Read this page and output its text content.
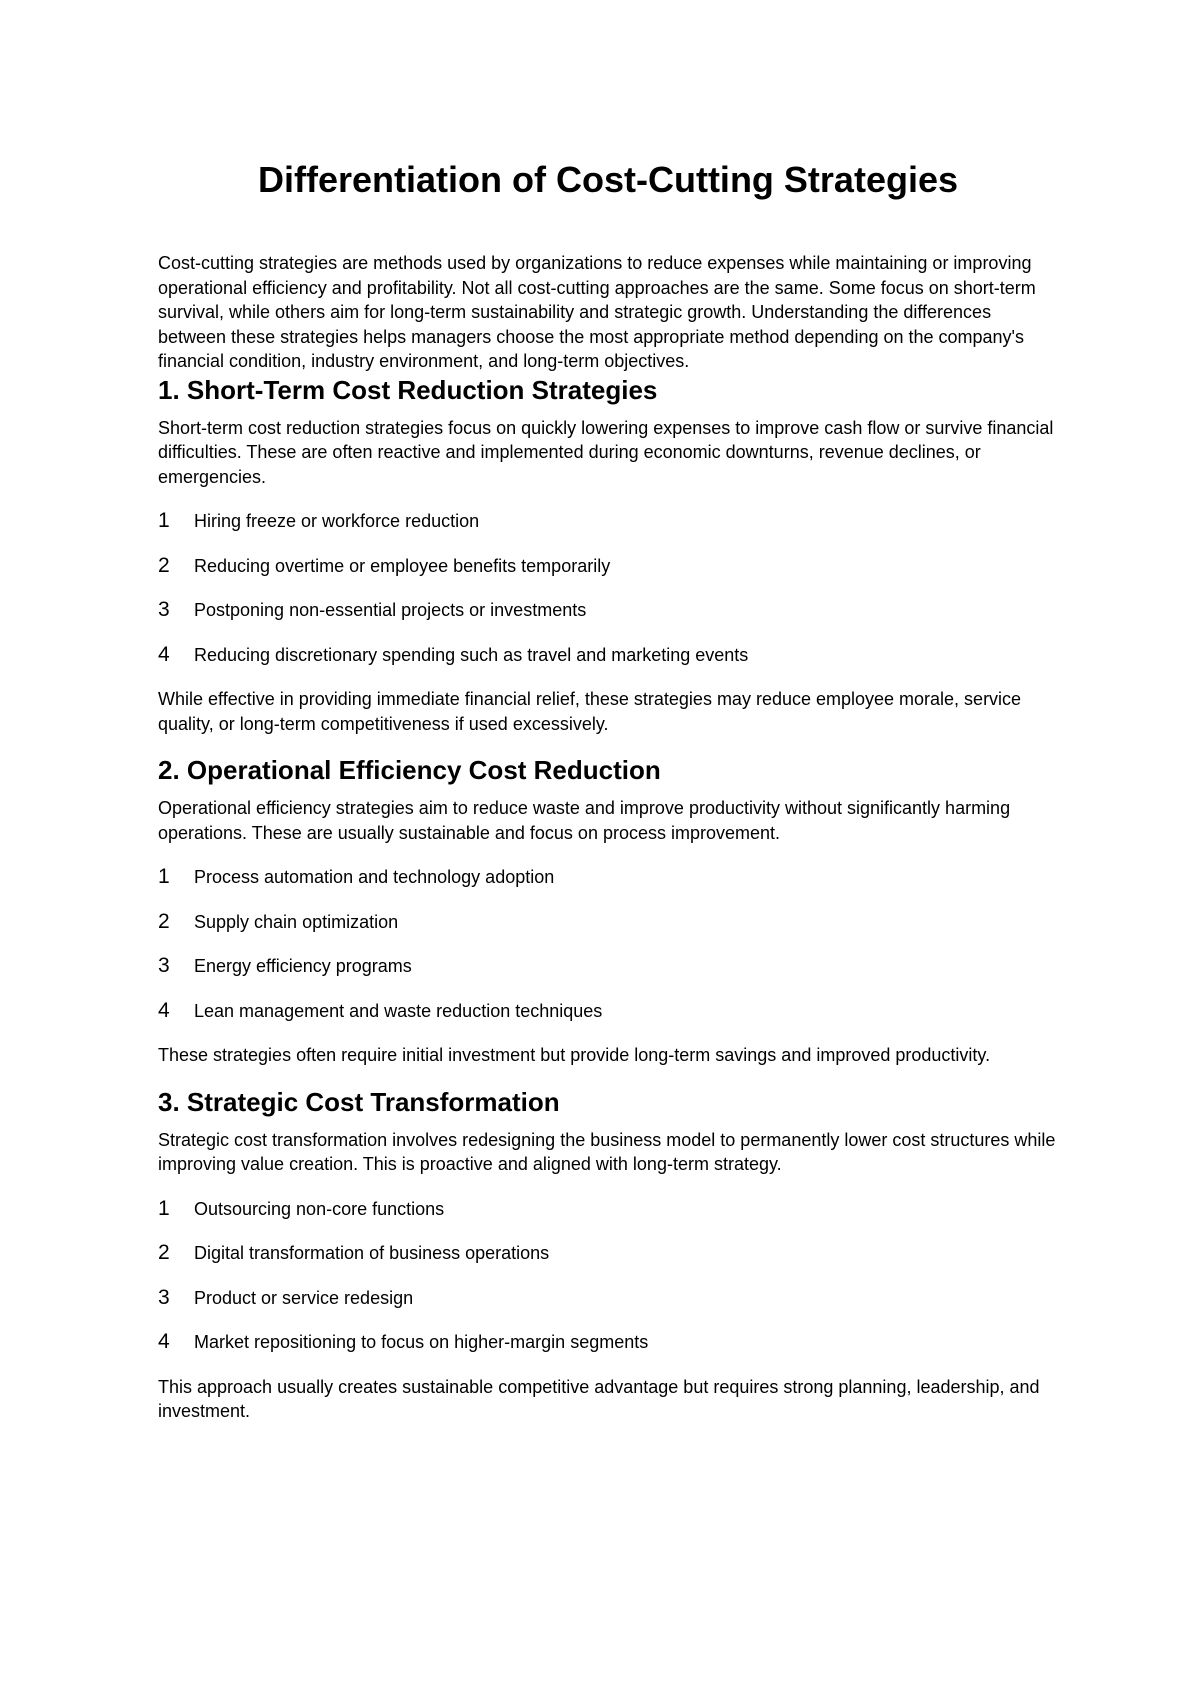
Differentiation of Cost-Cutting Strategies

Cost-cutting strategies are methods used by organizations to reduce expenses while maintaining or improving operational efficiency and profitability. Not all cost-cutting approaches are the same. Some focus on short-term survival, while others aim for long-term sustainability and strategic growth. Understanding the differences between these strategies helps managers choose the most appropriate method depending on the company's financial condition, industry environment, and long-term objectives.

1. Short-Term Cost Reduction Strategies

Short-term cost reduction strategies focus on quickly lowering expenses to improve cash flow or survive financial difficulties. These are often reactive and implemented during economic downturns, revenue declines, or emergencies.

1	Hiring freeze or workforce reduction
2	Reducing overtime or employee benefits temporarily
3	Postponing non-essential projects or investments
4	Reducing discretionary spending such as travel and marketing events

While effective in providing immediate financial relief, these strategies may reduce employee morale, service quality, or long-term competitiveness if used excessively.

2. Operational Efficiency Cost Reduction

Operational efficiency strategies aim to reduce waste and improve productivity without significantly harming operations. These are usually sustainable and focus on process improvement.

1	Process automation and technology adoption
2	Supply chain optimization
3	Energy efficiency programs
4	Lean management and waste reduction techniques

These strategies often require initial investment but provide long-term savings and improved productivity.

3. Strategic Cost Transformation

Strategic cost transformation involves redesigning the business model to permanently lower cost structures while improving value creation. This is proactive and aligned with long-term strategy.

1	Outsourcing non-core functions
2	Digital transformation of business operations
3	Product or service redesign
4	Market repositioning to focus on higher-margin segments

This approach usually creates sustainable competitive advantage but requires strong planning, leadership, and investment.
